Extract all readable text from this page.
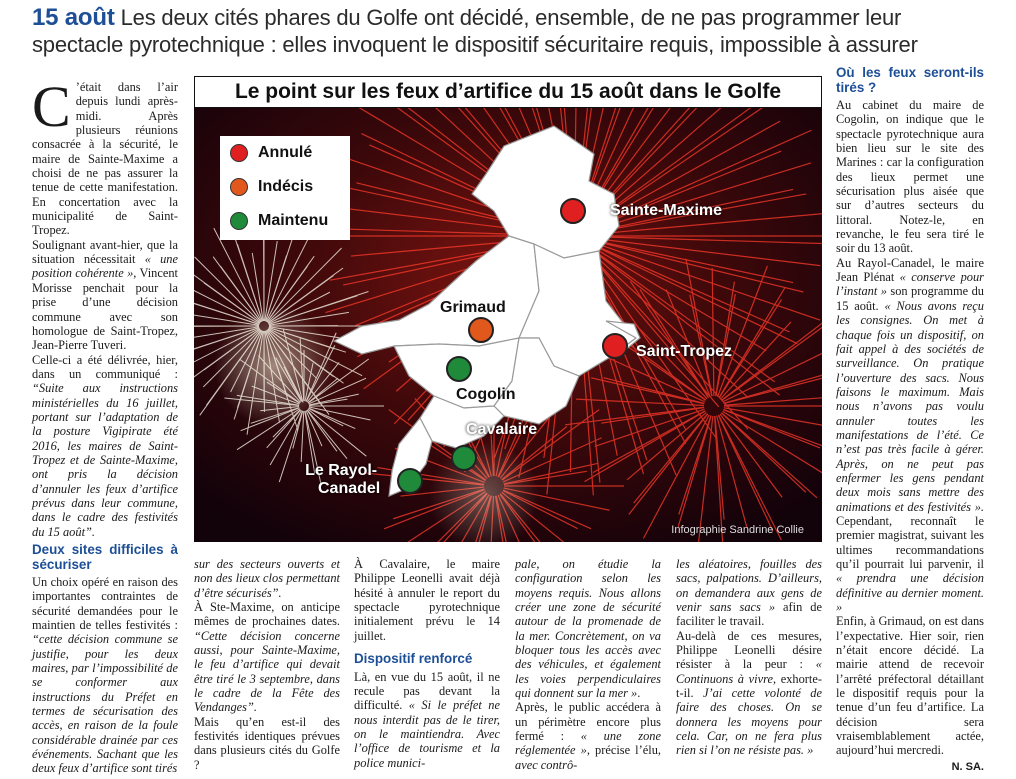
15 août Les deux cités phares du Golfe ont décidé, ensemble, de ne pas programmer leur spectacle pyrotechnique : elles invoquent le dispositif sécuritaire requis, impossible à assurer

C ’était dans l’air depuis lundi après-midi. Après plusieurs réunions consacrée à la sécurité, le maire de Sainte-Maxime a choisi de ne pas assurer la tenue de cette manifestation. En concertation avec la municipalité de Saint-Tropez.

Soulignant avant-hier, que la situation nécessitait « une position cohérente », Vincent Morisse penchait pour la prise d’une décision commune avec son homologue de Saint-Tropez, Jean-Pierre Tuveri.

Celle-ci a été délivrée, hier, dans un communiqué : “Suite aux instructions ministérielles du 16 juillet, portant sur l’adaptation de la posture Vigipirate été 2016, les maires de Saint-Tropez et de Sainte-Maxime, ont pris la décision d’annuler les feux d’artifice prévus dans leur commune, dans le cadre des festivités du 15 août”.

Deux sites difficiles à sécuriser

Un choix opéré en raison des importantes contraintes de sécurité demandées pour le maintien de telles festivités : “cette décision commune se justifie, pour les deux maires, par l’impossibilité de se conformer aux instructions du Préfet en termes de sécurisation des accès, en raison de la foule considérable drainée par ces événements. Sachant que les deux feux d’artifice sont tirés

Le point sur les feux d’artifice du 15 août dans le Golfe
Annulé
Indécis
Maintenu
Sainte-Maxime
Grimaud
Saint-Tropez
Cogolin
Cavalaire
Le Rayol-
Canadel
Infographie Sandrine Collie

sur des secteurs ouverts et non des lieux clos permettant d’être sécurisés”.

À Ste-Maxime, on anticipe mêmes de prochaines dates. “Cette décision concerne aussi, pour Sainte-Maxime, le feu d’artifice qui devait être tiré le 3 septembre, dans le cadre de la Fête des Vendanges”.

Mais qu’en est-il des festivités identiques prévues dans plusieurs cités du Golfe ?

À Cavalaire, le maire Philippe Leonelli avait déjà hésité à annuler le report du spectacle pyrotechnique initialement prévu le 14 juillet.

Dispositif renforcé

Là, en vue du 15 août, il ne recule pas devant la difficulté. « Si le préfet ne nous interdit pas de le tirer, on le maintiendra. Avec l’office de tourisme et la police munici-

pale, on étudie la configuration selon les moyens requis. Nous allons créer une zone de sécurité autour de la promenade de la mer. Concrètement, on va bloquer tous les accès avec des véhicules, et également les voies perpendiculaires qui donnent sur la mer ».

Après, le public accédera à un périmètre encore plus fermé : « une zone réglementée », précise l’élu, avec contrô-

les aléatoires, fouilles des sacs, palpations. D’ailleurs, on demandera aux gens de venir sans sacs » afin de faciliter le travail.

Au-delà de ces mesures, Philippe Leonelli désire résister à la peur : « Continuons à vivre, exhorte-t-il. J’ai cette volonté de faire des choses. On se donnera les moyens pour cela. Car, on ne fera plus rien si l’on ne résiste pas. »

Où les feux seront-ils tirés ?

Au cabinet du maire de Cogolin, on indique que le spectacle pyrotechnique aura bien lieu sur le site des Marines : car la configuration des lieux permet une sécurisation plus aisée que sur d’autres secteurs du littoral. Notez-le, en revanche, le feu sera tiré le soir du 13 août.

Au Rayol-Canadel, le maire Jean Plénat « conserve pour l’instant » son programme du 15 août. « Nous avons reçu les consignes. On met à chaque fois un dispositif, on fait appel à des sociétés de surveillance. On pratique l’ouverture des sacs. Nous faisons le maximum. Mais nous n’avons pas voulu annuler toutes les manifestations de l’été. Ce n’est pas très facile à gérer. Après, on ne peut pas enfermer les gens pendant deux mois sans mettre des animations et des festivités ». Cependant, reconnaît le premier magistrat, suivant les ultimes recommandations qu’il pourrait lui parvenir, il « prendra une décision définitive au dernier moment. »

Enfin, à Grimaud, on est dans l’expectative. Hier soir, rien n’était encore décidé. La mairie attend de recevoir l’arrêté préfectoral détaillant le dispositif requis pour la tenue d’un feu d’artifice. La décision sera vraisemblablement actée, aujourd’hui mercredi.

N. SA.
